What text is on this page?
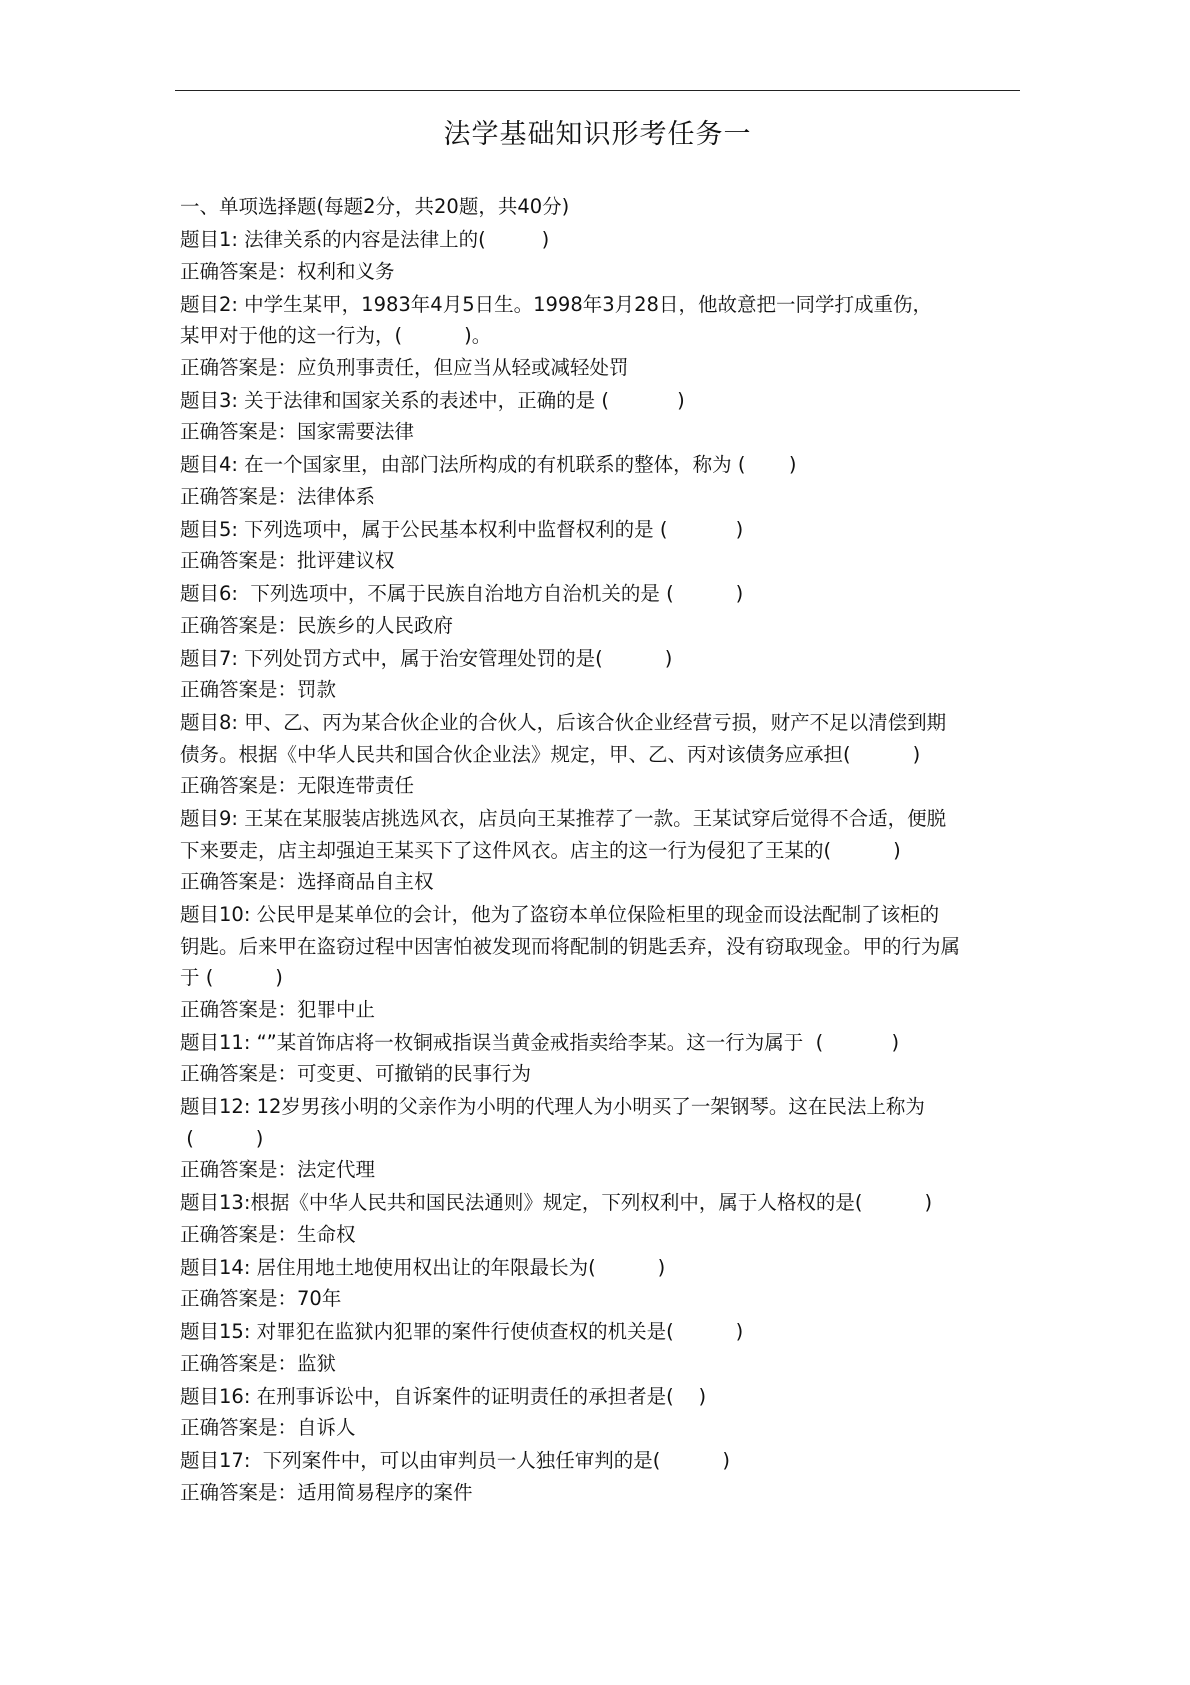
法学基础知识形考任务一
一、单项选择题(每题2分，共20题，共40分)
题目1: 法律关系的内容是法律上的(         )
正确答案是：权利和义务
题目2: 中学生某甲，1983年4月5日生。1998年3月28日，他故意把一同学打成重伤，
某甲对于他的这一行为，(          )。
正确答案是：应负刑事责任，但应当从轻或减轻处罚
题目3: 关于法律和国家关系的表述中，正确的是 (           )
正确答案是：国家需要法律
题目4: 在一个国家里，由部门法所构成的有机联系的整体，称为 (       )
正确答案是：法律体系
题目5: 下列选项中，属于公民基本权利中监督权利的是 (           )
正确答案是：批评建议权
题目6:  下列选项中，不属于民族自治地方自治机关的是 (          )
正确答案是：民族乡的人民政府
题目7: 下列处罚方式中，属于治安管理处罚的是(          )
正确答案是：罚款
题目8: 甲、乙、丙为某合伙企业的合伙人，后该合伙企业经营亏损，财产不足以清偿到期
债务。根据《中华人民共和国合伙企业法》规定，甲、乙、丙对该债务应承担(          )
正确答案是：无限连带责任
题目9: 王某在某服装店挑选风衣，店员向王某推荐了一款。王某试穿后觉得不合适，便脱
下来要走，店主却强迫王某买下了这件风衣。店主的这一行为侵犯了王某的(          )
正确答案是：选择商品自主权
题目10: 公民甲是某单位的会计，他为了盗窃本单位保险柜里的现金而设法配制了该柜的
钥匙。后来甲在盗窃过程中因害怕被发现而将配制的钥匙丢弃，没有窃取现金。甲的行为属
于 (          )
正确答案是：犯罪中止
题目11: “”某首饰店将一枚铜戒指误当黄金戒指卖给李某。这一行为属于  (           )
正确答案是：可变更、可撤销的民事行为
题目12: 12岁男孩小明的父亲作为小明的代理人为小明买了一架钢琴。这在民法上称为
(          )
正确答案是：法定代理
题目13:根据《中华人民共和国民法通则》规定，下列权利中，属于人格权的是(          )
正确答案是：生命权
题目14: 居住用地土地使用权出让的年限最长为(          )
正确答案是：70年
题目15: 对罪犯在监狱内犯罪的案件行使侦查权的机关是(          )
正确答案是：监狱
题目16: 在刑事诉讼中，自诉案件的证明责任的承担者是(    )
正确答案是：自诉人
题目17:  下列案件中，可以由审判员一人独任审判的是(          )
正确答案是：适用简易程序的案件
